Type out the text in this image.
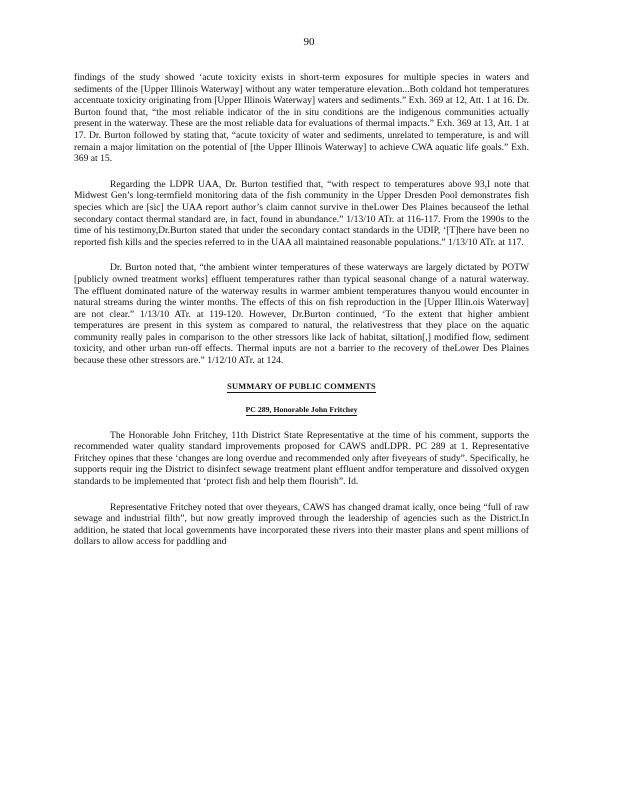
90

findings of the study showed ‘acute toxicity exists in short-term exposures for multiple species in waters and sediments of the [Upper Illinois Waterway] without any water temperature elevation...Both coldand hot temperatures accentuate toxicity originating from [Upper Illinois Waterway] waters and sediments.” Exh. 369 at 12, Att. 1 at 16. Dr. Burton found that, “the most reliable indicator of the in situ conditions are the indigenous communities actually present in the waterway. These are the most reliable data for evaluations of thermal impacts.” Exh. 369 at 13, Att. 1 at 17. Dr. Burton followed by stating that, “acute toxicity of water and sediments, unrelated to temperature, is and will remain a major limitation on the potential of [the Upper Illinois Waterway] to achieve CWA aquatic life goals.” Exh. 369 at 15.

Regarding the LDPR UAA, Dr. Burton testified that, “with respect to temperatures above 93,I note that Midwest Gen’s long-termfield monitoring data of the fish community in the Upper Dresden Pool demonstrates fish species which are [sic] the UAA report author’s claim cannot survive in theLower Des Plaines becauseof the lethal secondary contact thermal standard are, in fact, found in abundance.” 1/13/10 ATr. at 116-117. From the 1990s to the time of his testimony,Dr.Burton stated that under the secondary contact standards in the UDIP, ‘[T]here have been no reported fish kills and the species referred to in the UAA all maintained reasonable populations.” 1/13/10 ATr. at 117.

Dr. Burton noted that, “the ambient winter temperatures of these waterways are largely dictated by POTW [publicly owned treatment works] effluent temperatures rather than typical seasonal change of a natural waterway. The effluent dominated nature of the waterway results in warmer ambient temperatures thanyou would encounter in natural streams during the winter months. The effects of this on fish reproduction in the [Upper Illin.ois Waterway] are not clear.” 1/13/10 ATr. at 119-120. However, Dr.Burton continued, ‘To the extent that higher ambient temperatures are present in this system as compared to natural, the relativestress that they place on the aquatic community really pales in comparison to the other stressors like lack of habitat, siltation[,] modified flow, sediment toxicity, and other urban run-off effects. Thermal inputs are not a barrier to the recovery of theLower Des Plaines because these other stressors are.” 1/12/10 ATr. at 124.

SUMMARY OF PUBLIC COMMENTS
PC 289, Honorable John Fritchey

The Honorable John Fritchey, 11th District State Representative at the time of his comment, supports the recommended water quality standard improvements proposed for CAWS andLDPR. PC 289 at 1. Representative Fritchey opines that these ‘changes are long overdue and recommended only after fiveyears of study”. Specifically, he supports requir ing the District to disinfect sewage treatment plant effluent andfor temperature and dissolved oxygen standards to be implemented that ‘protect fish and help them flourish”. Id.

Representative Fritchey noted that over theyears, CAWS has changed dramat ically, once being “full of raw sewage and industrial filth”, but now greatly improved through the leadership of agencies such as the District.In addition, he stated that local governments have incorporated these rivers into their master plans and spent millions of dollars to allow access for paddling and
